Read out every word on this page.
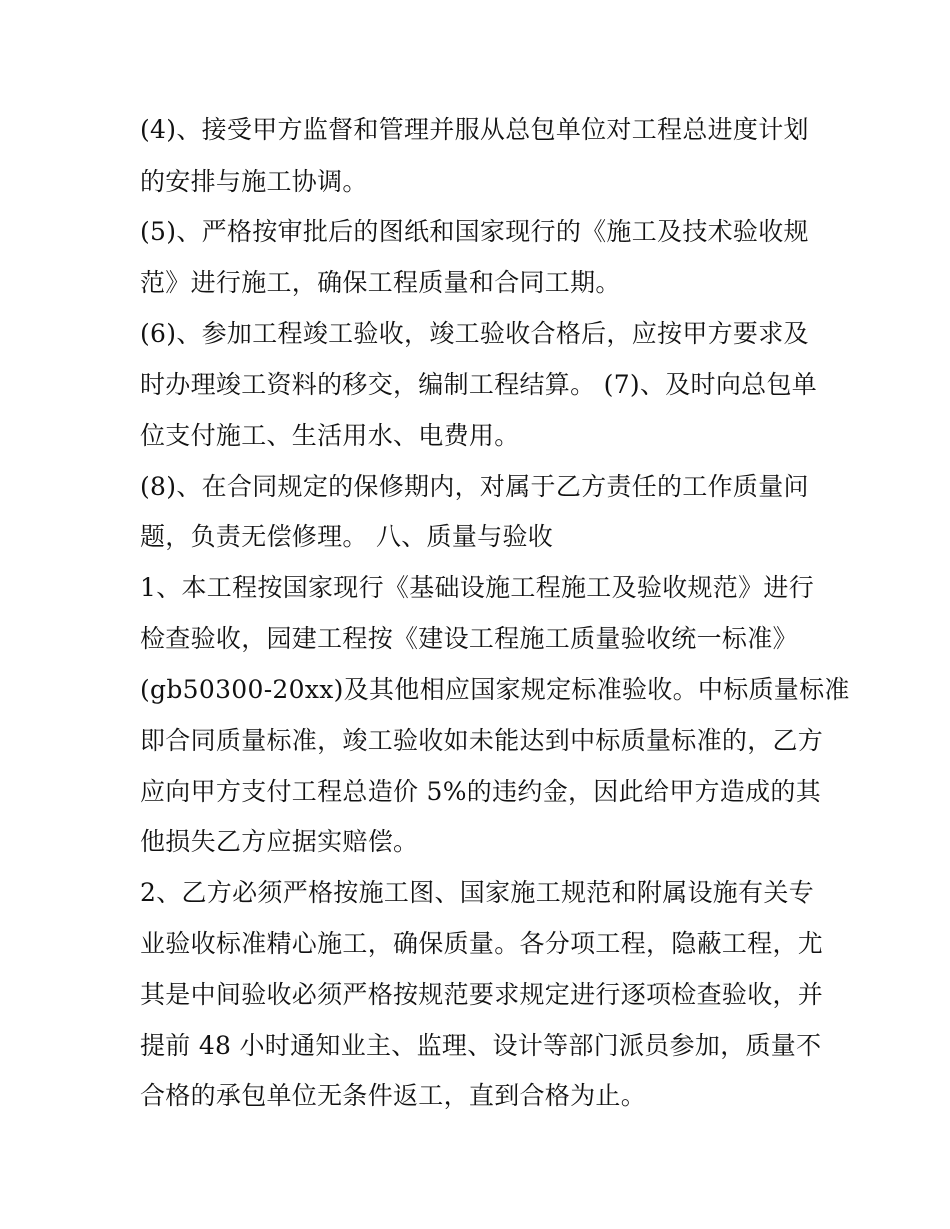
(4)、接受甲方监督和管理并服从总包单位对工程总进度计划

的安排与施工协调。

(5)、严格按审批后的图纸和国家现行的《施工及技术验收规

范》进行施工，确保工程质量和合同工期。

(6)、参加工程竣工验收，竣工验收合格后，应按甲方要求及

时办理竣工资料的移交，编制工程结算。 (7)、及时向总包单

位支付施工、生活用水、电费用。

(8)、在合同规定的保修期内，对属于乙方责任的工作质量问

题，负责无偿修理。 八、质量与验收

1、本工程按国家现行《基础设施工程施工及验收规范》进行

检查验收，园建工程按《建设工程施工质量验收统一标准》

(gb50300-20xx)及其他相应国家规定标准验收。中标质量标准

即合同质量标准，竣工验收如未能达到中标质量标准的，乙方

应向甲方支付工程总造价 5%的违约金，因此给甲方造成的其

他损失乙方应据实赔偿。

2、乙方必须严格按施工图、国家施工规范和附属设施有关专

业验收标准精心施工，确保质量。各分项工程，隐蔽工程，尤

其是中间验收必须严格按规范要求规定进行逐项检查验收，并

提前 48 小时通知业主、监理、设计等部门派员参加，质量不

合格的承包单位无条件返工，直到合格为止。
